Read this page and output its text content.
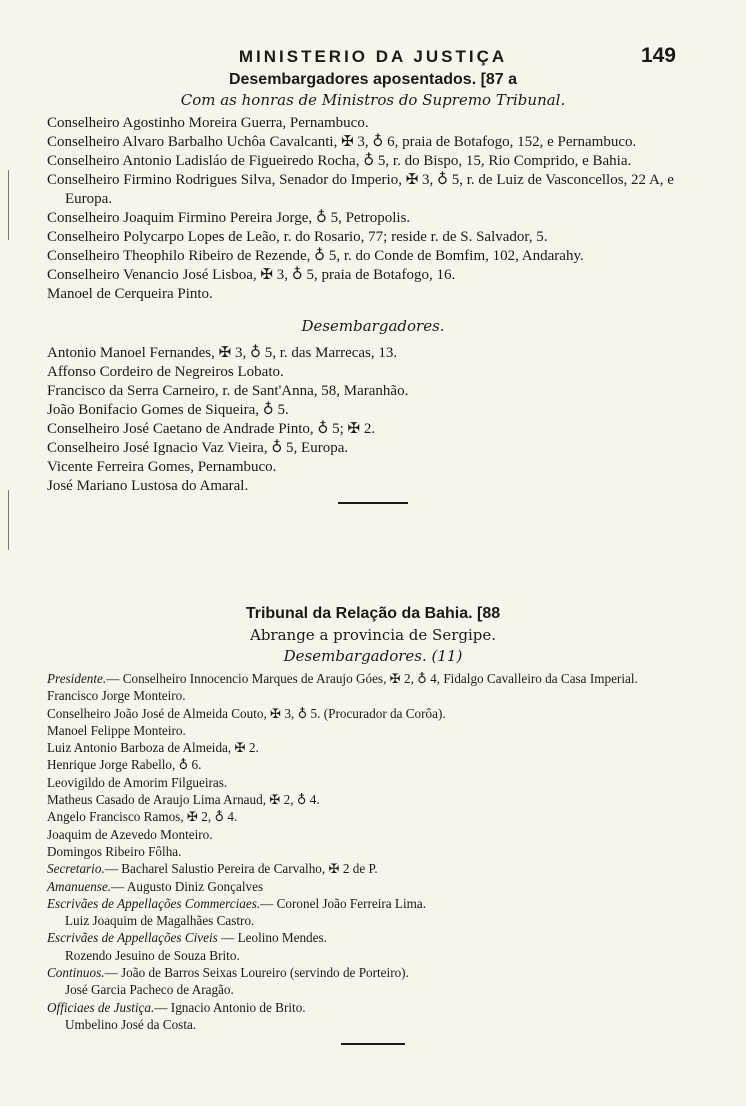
MINISTERIO DA JUSTIÇA	149
Desembargadores aposentados. [87 a
Com as honras de Ministros do Supremo Tribunal.

Conselheiro Agostinho Moreira Guerra, Pernambuco.

Conselheiro Alvaro Barbalho Uchôa Cavalcanti, ✠ 3, ♁ 6, praia de Botafogo, 152, e Pernambuco.

Conselheiro Antonio Ladisláo de Figueiredo Rocha, ♁ 5, r. do Bispo, 15, Rio Comprido, e Bahia.

Conselheiro Firmino Rodrigues Silva, Senador do Imperio, ✠ 3, ♁ 5, r. de Luiz de Vasconcellos, 22 A, e Europa.

Conselheiro Joaquim Firmino Pereira Jorge, ♁ 5, Petropolis.

Conselheiro Polycarpo Lopes de Leão, r. do Rosario, 77; reside r. de S. Salvador, 5.

Conselheiro Theophilo Ribeiro de Rezende, ♁ 5, r. do Conde de Bomfim, 102, Andarahy.

Conselheiro Venancio José Lisboa, ✠ 3, ♁ 5, praia de Botafogo, 16.

Manoel de Cerqueira Pinto.

Desembargadores.

Antonio Manoel Fernandes, ✠ 3, ♁ 5, r. das Marrecas, 13.

Affonso Cordeiro de Negreiros Lobato.

Francisco da Serra Carneiro, r. de Sant'Anna, 58, Maranhão.

João Bonifacio Gomes de Siqueira, ♁ 5.

Conselheiro José Caetano de Andrade Pinto, ♁ 5; ✠ 2.

Conselheiro José Ignacio Vaz Vieira, ♁ 5, Europa.

Vicente Ferreira Gomes, Pernambuco.

José Mariano Lustosa do Amaral.

Tribunal da Relação da Bahia. [88
Abrange a provincia de Sergipe.
Desembargadores. (11)

Presidente.— Conselheiro Innocencio Marques de Araujo Góes, ✠ 2, ♁ 4, Fidalgo Cavalleiro da Casa Imperial.

Francisco Jorge Monteiro.

Conselheiro João José de Almeida Couto, ✠ 3, ♁ 5. (Procurador da Corôa).

Manoel Felippe Monteiro.

Luiz Antonio Barboza de Almeida, ✠ 2.

Henrique Jorge Rabello, ♁ 6.

Leovigildo de Amorim Filgueiras.

Matheus Casado de Araujo Lima Arnaud, ✠ 2, ♁ 4.

Angelo Francisco Ramos, ✠ 2, ♁ 4.

Joaquim de Azevedo Monteiro.

Domingos Ribeiro Fôlha.

Secretario.— Bacharel Salustio Pereira de Carvalho, ✠ 2 de P.

Amanuense.— Augusto Diniz Gonçalves

Escrivães de Appellações Commerciaes.— Coronel João Ferreira Lima.

Luiz Joaquim de Magalhães Castro.

Escrivães de Appellações Civeis — Leolino Mendes.

Rozendo Jesuino de Souza Brito.

Continuos.— João de Barros Seixas Loureiro (servindo de Porteiro).

José Garcia Pacheco de Aragão.

Officiaes de Justiça.— Ignacio Antonio de Brito.

Umbelino José da Costa.
